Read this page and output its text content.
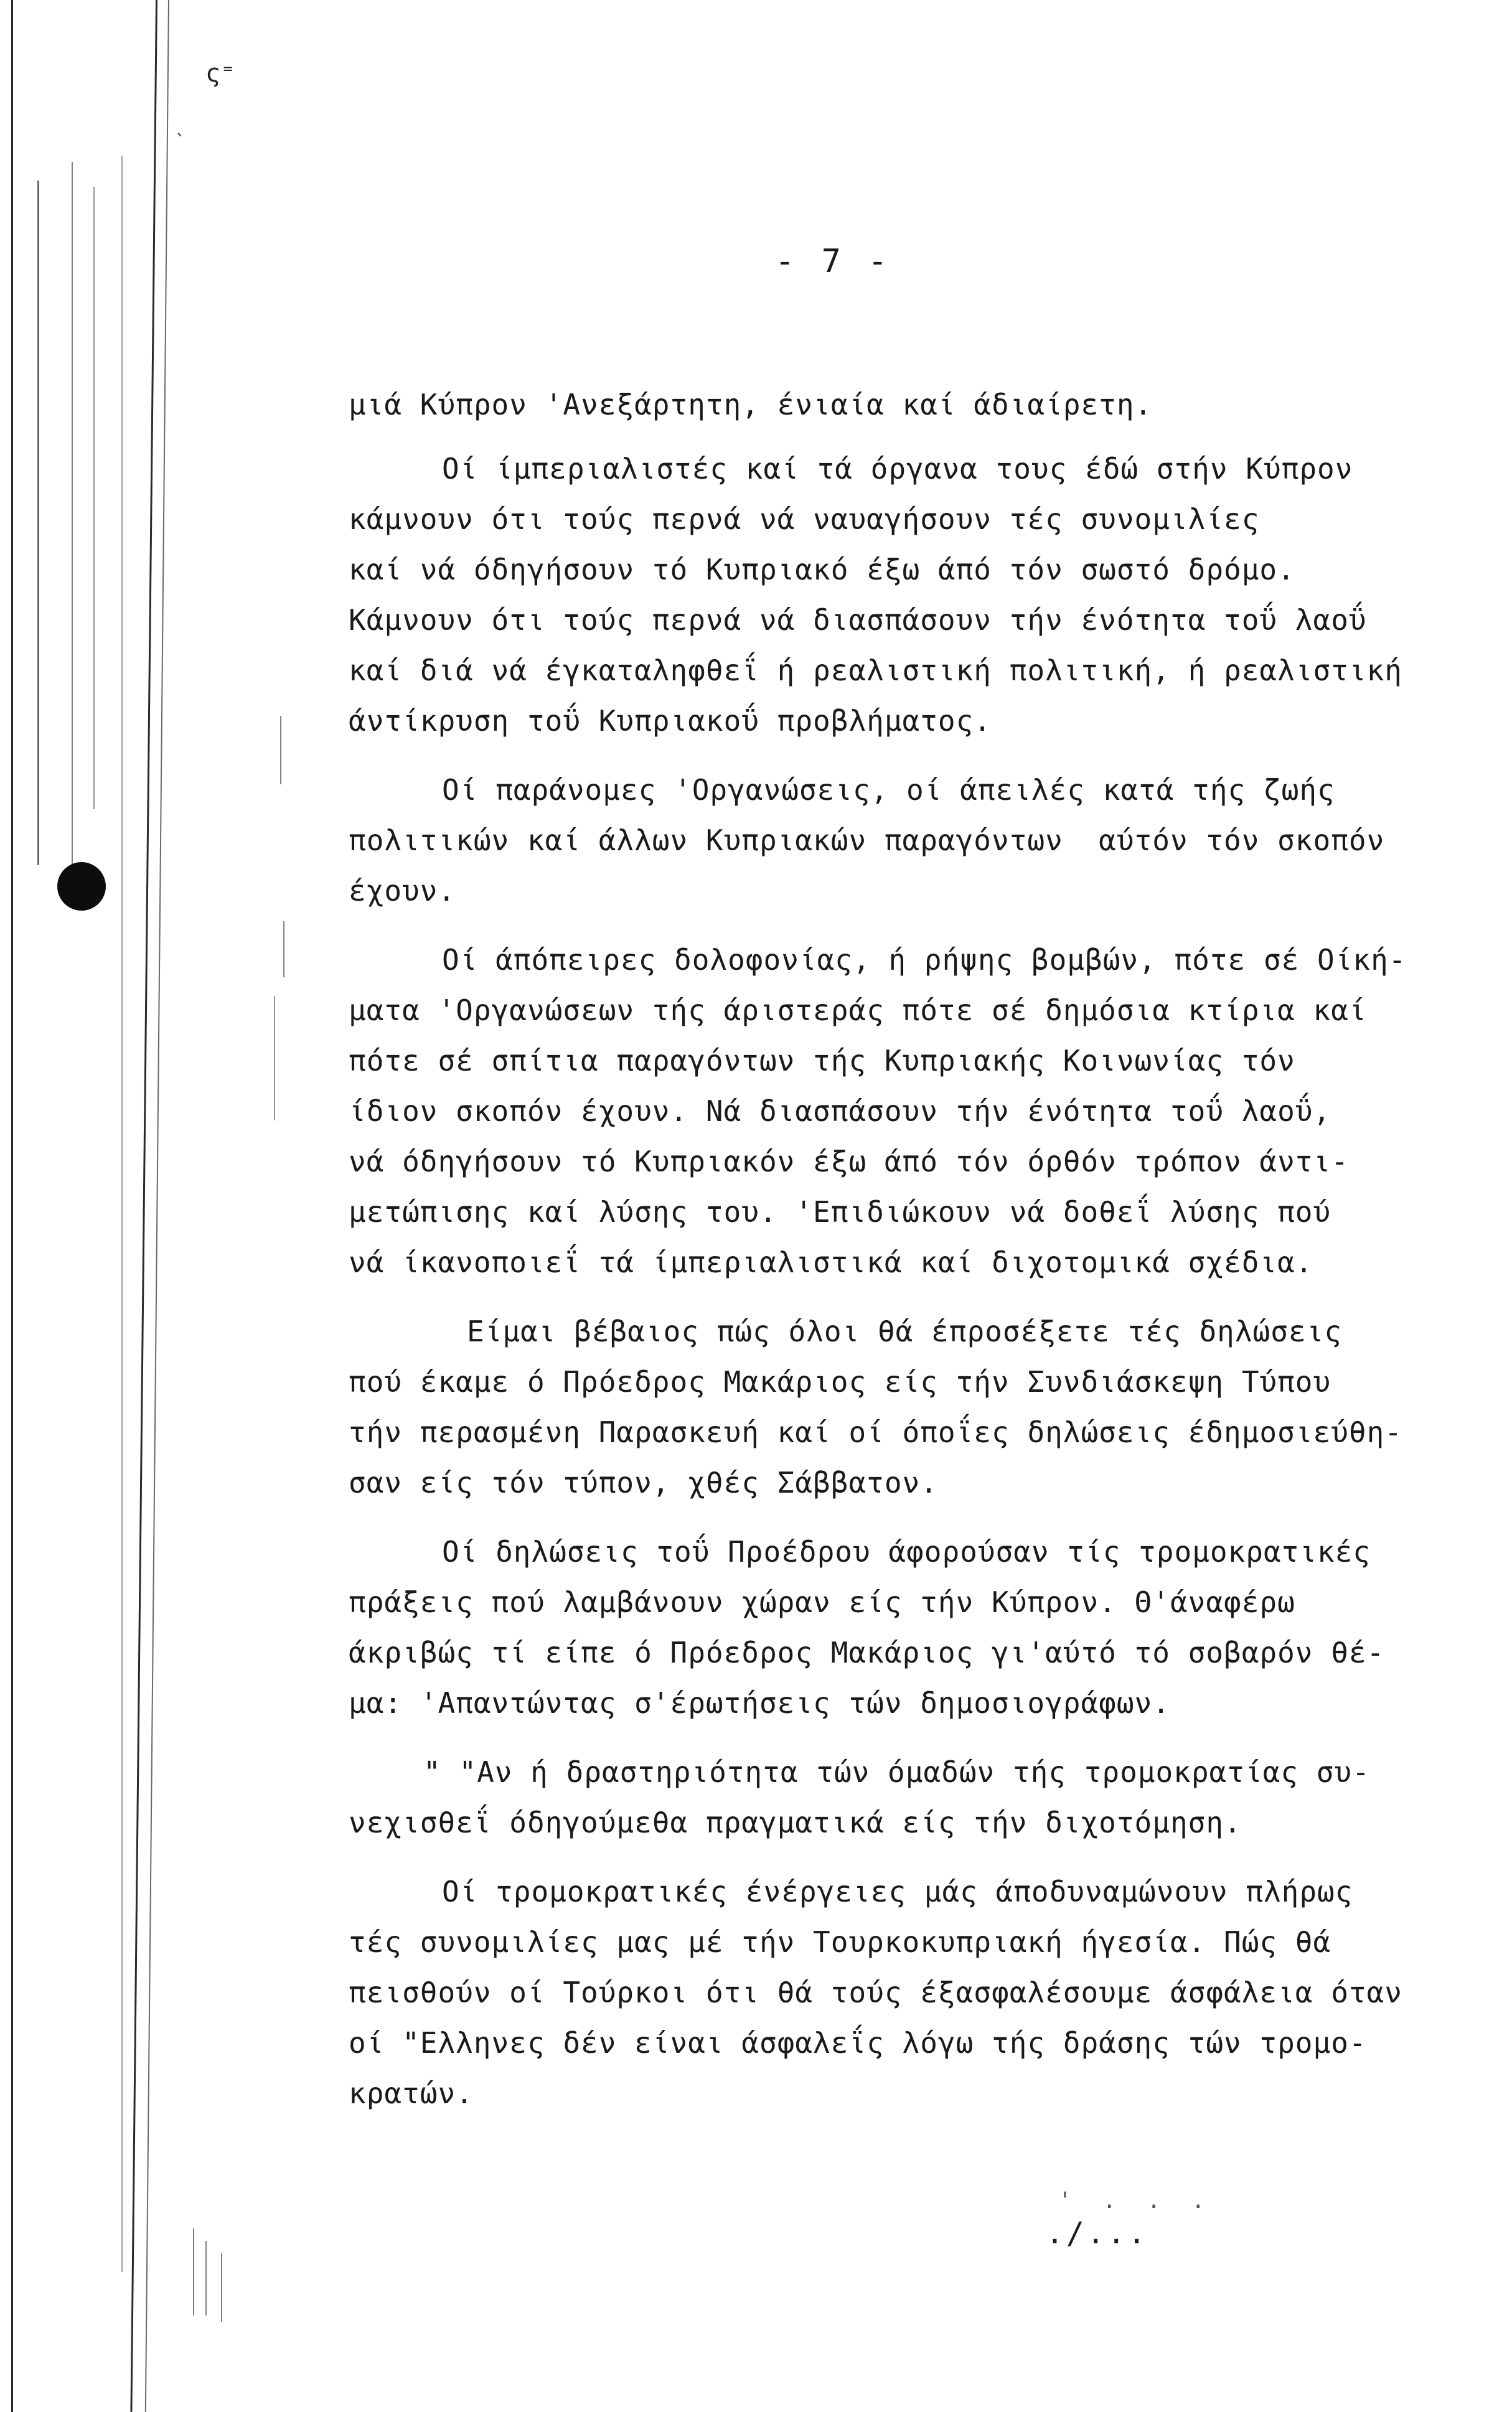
ς⁼
ˎ
- 7 -
μιά Κύπρον 'Ανεξάρτητη, ένιαία καί άδιαίρετη.
Οί ίμπεριαλιστές καί τά όργανα τους έδώ στήν Κύπρον
κάμνουν ότι τούς περνά νά ναυαγήσουν τές συνομιλίες
καί νά όδηγήσουν τό Κυπριακό έξω άπό τόν σωστό δρόμο.
Κάμνουν ότι τούς περνά νά διασπάσουν τήν ένότητα τοΰ λαοΰ
καί διά νά έγκαταληφθεΐ ή ρεαλιστική πολιτική, ή ρεαλιστική
άντίκρυση τοΰ Κυπριακοΰ προβλήματος.
Οί παράνομες 'Οργανώσεις, οί άπειλές κατά τής ζωής
πολιτικών καί άλλων Κυπριακών παραγόντων  αύτόν τόν σκοπόν
έχουν.
Οί άπόπειρες δολοφονίας, ή ρήψης βομβών, πότε σέ Οίκή-
ματα 'Οργανώσεων τής άριστεράς πότε σέ δημόσια κτίρια καί
πότε σέ σπίτια παραγόντων τής Κυπριακής Κοινωνίας τόν
ίδιον σκοπόν έχουν. Νά διασπάσουν τήν ένότητα τοΰ λαοΰ,
νά όδηγήσουν τό Κυπριακόν έξω άπό τόν όρθόν τρόπον άντι-
μετώπισης καί λύσης του. 'Επιδιώκουν νά δοθεΐ λύσης πού
νά ίκανοποιεΐ τά ίμπεριαλιστικά καί διχοτομικά σχέδια.
Είμαι βέβαιος πώς όλοι θά έπροσέξετε τές δηλώσεις
πού έκαμε ό Πρόεδρος Μακάριος είς τήν Συνδιάσκεψη Τύπου
τήν περασμένη Παρασκευή καί οί όποΐες δηλώσεις έδημοσιεύθη-
σαν είς τόν τύπον, χθές Σάββατον.
Οί δηλώσεις τοΰ Προέδρου άφορούσαν τίς τρομοκρατικές
πράξεις πού λαμβάνουν χώραν είς τήν Κύπρον. Θ'άναφέρω
άκριβώς τί είπε ό Πρόεδρος Μακάριος γι'αύτό τό σοβαρόν θέ-
μα: 'Απαντώντας σ'έρωτήσεις τών δημοσιογράφων.
" "Αν ή δραστηριότητα τών όμαδών τής τρομοκρατίας συ-
νεχισθεΐ όδηγούμεθα πραγματικά είς τήν διχοτόμηση.
Οί τρομοκρατικές ένέργειες μάς άποδυναμώνουν πλήρως
τές συνομιλίες μας μέ τήν Τουρκοκυπριακή ήγεσία. Πώς θά
πεισθούν οί Τούρκοι ότι θά τούς έξασφαλέσουμε άσφάλεια όταν
οί "Ελληνες δέν είναι άσφαλεΐς λόγω τής δράσης τών τρομο-
κρατών.
' . . .
./...
